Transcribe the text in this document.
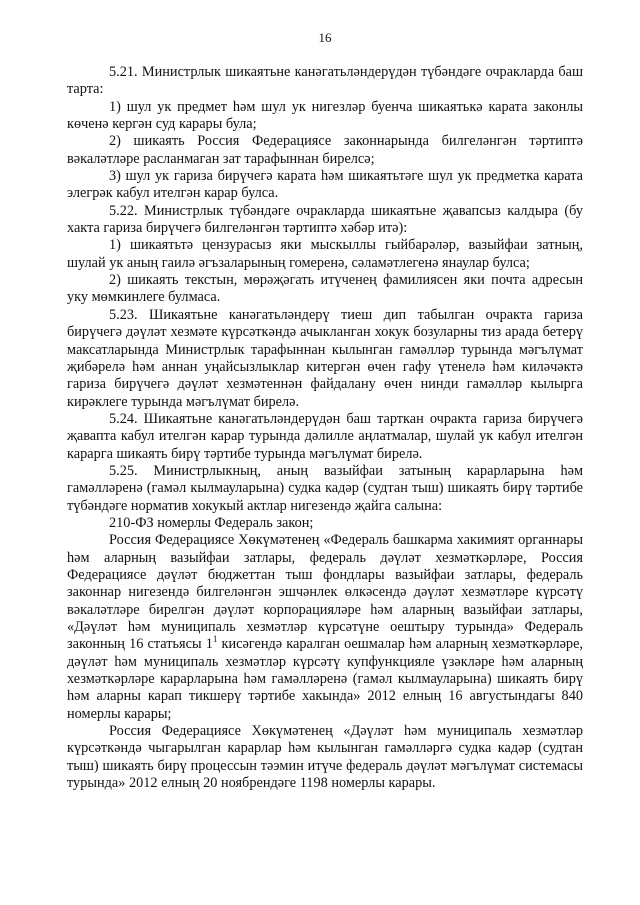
16

5.21. Министрлык шикаятьне канәгатьләндерүдән түбәндәге очракларда баш тарта:

1) шул ук предмет һәм шул ук нигезләр буенча шикаятькә карата законлы көченә кергән суд карары була;

2) шикаять Россия Федерациясе законнарында билгеләнгән тәртиптә вәкаләтләре расланмаган зат тарафыннан бирелсә;

3) шул ук гариза бирүчегә карата һәм шикаятьтәге шул ук предметка карата элегрәк кабул ителгән карар булса.

5.22. Министрлык түбәндәге очракларда шикаятьне җавапсыз калдыра (бу хакта гариза бирүчегә билгеләнгән тәртиптә хәбәр итә):

1) шикаятьтә цензурасыз яки мыскыллы гыйбарәләр, вазыйфаи затның, шулай ук аның гаилә әгъзаларының гомеренә, сәламәтлегенә янаулар булса;

2) шикаять текстын, мөрәҗәгать итүченең фамилиясен яки почта адресын уку мөмкинлеге булмаса.

5.23. Шикаятьне канәгатьләндерү тиеш дип табылган очракта гариза бирүчегә дәүләт хезмәте күрсәткәндә ачыкланган хокук бозуларны тиз арада бетерү максатларында Министрлык тарафыннан кылынган гамәлләр турында мәгълүмат җибәрелә һәм аннан уңайсызлыклар китергән өчен гафу үтенелә һәм киләчәктә гариза бирүчегә дәүләт хезмәтеннән файдалану өчен нинди гамәлләр кылырга кирәклеге турында мәгълүмат бирелә.

5.24. Шикаятьне канәгатьләндерүдән баш тарткан очракта гариза бирүчегә җавапта кабул ителгән карар турында дәлилле аңлатмалар, шулай ук кабул ителгән карарга шикаять бирү тәртибе турында мәгълүмат бирелә.

5.25. Министрлыкның, аның вазыйфаи затының карарларына һәм гамәлләренә (гамәл кылмауларына) судка кадәр (судтан тыш) шикаять бирү тәртибе түбәндәге норматив хокукый актлар нигезендә җайга салына:

210-ФЗ номерлы Федераль закон;

Россия Федерациясе Хөкүмәтенең «Федераль башкарма хакимият органнары һәм аларның вазыйфаи затлары, федераль дәүләт хезмәткәрләре, Россия Федерациясе дәүләт бюджеттан тыш фондлары вазыйфаи затлары, федераль законнар нигезендә билгеләнгән эшчәнлек өлкәсендә дәүләт хезмәтләре күрсәтү вәкаләтләре бирелгән дәүләт корпорацияләре һәм аларның вазыйфаи затлары, «Дәүләт һәм муниципаль хезмәтләр күрсәтүне оештыру турында» Федераль законның 16 статьясы $1^1$ кисәгендә каралган оешмалар һәм аларның хезмәткәрләре, дәүләт һәм муниципаль хезмәтләр күрсәтү купфункцияле үзәкләре һәм аларның хезмәткәрләре карарларына һәм гамәлләренә (гамәл кылмауларына) шикаять бирү һәм аларны карап тикшерү тәртибе хакында» 2012 елның 16 августындагы 840 номерлы карары;

Россия Федерациясе Хөкүмәтенең «Дәүләт һәм муниципаль хезмәтләр күрсәткәндә чыгарылган карарлар һәм кылынган гамәлләргә судка кадәр (судтан тыш) шикаять бирү процессын тәэмин итүче федераль дәүләт мәгълүмат системасы турында» 2012 елның 20 ноябрендәге 1198 номерлы карары.
